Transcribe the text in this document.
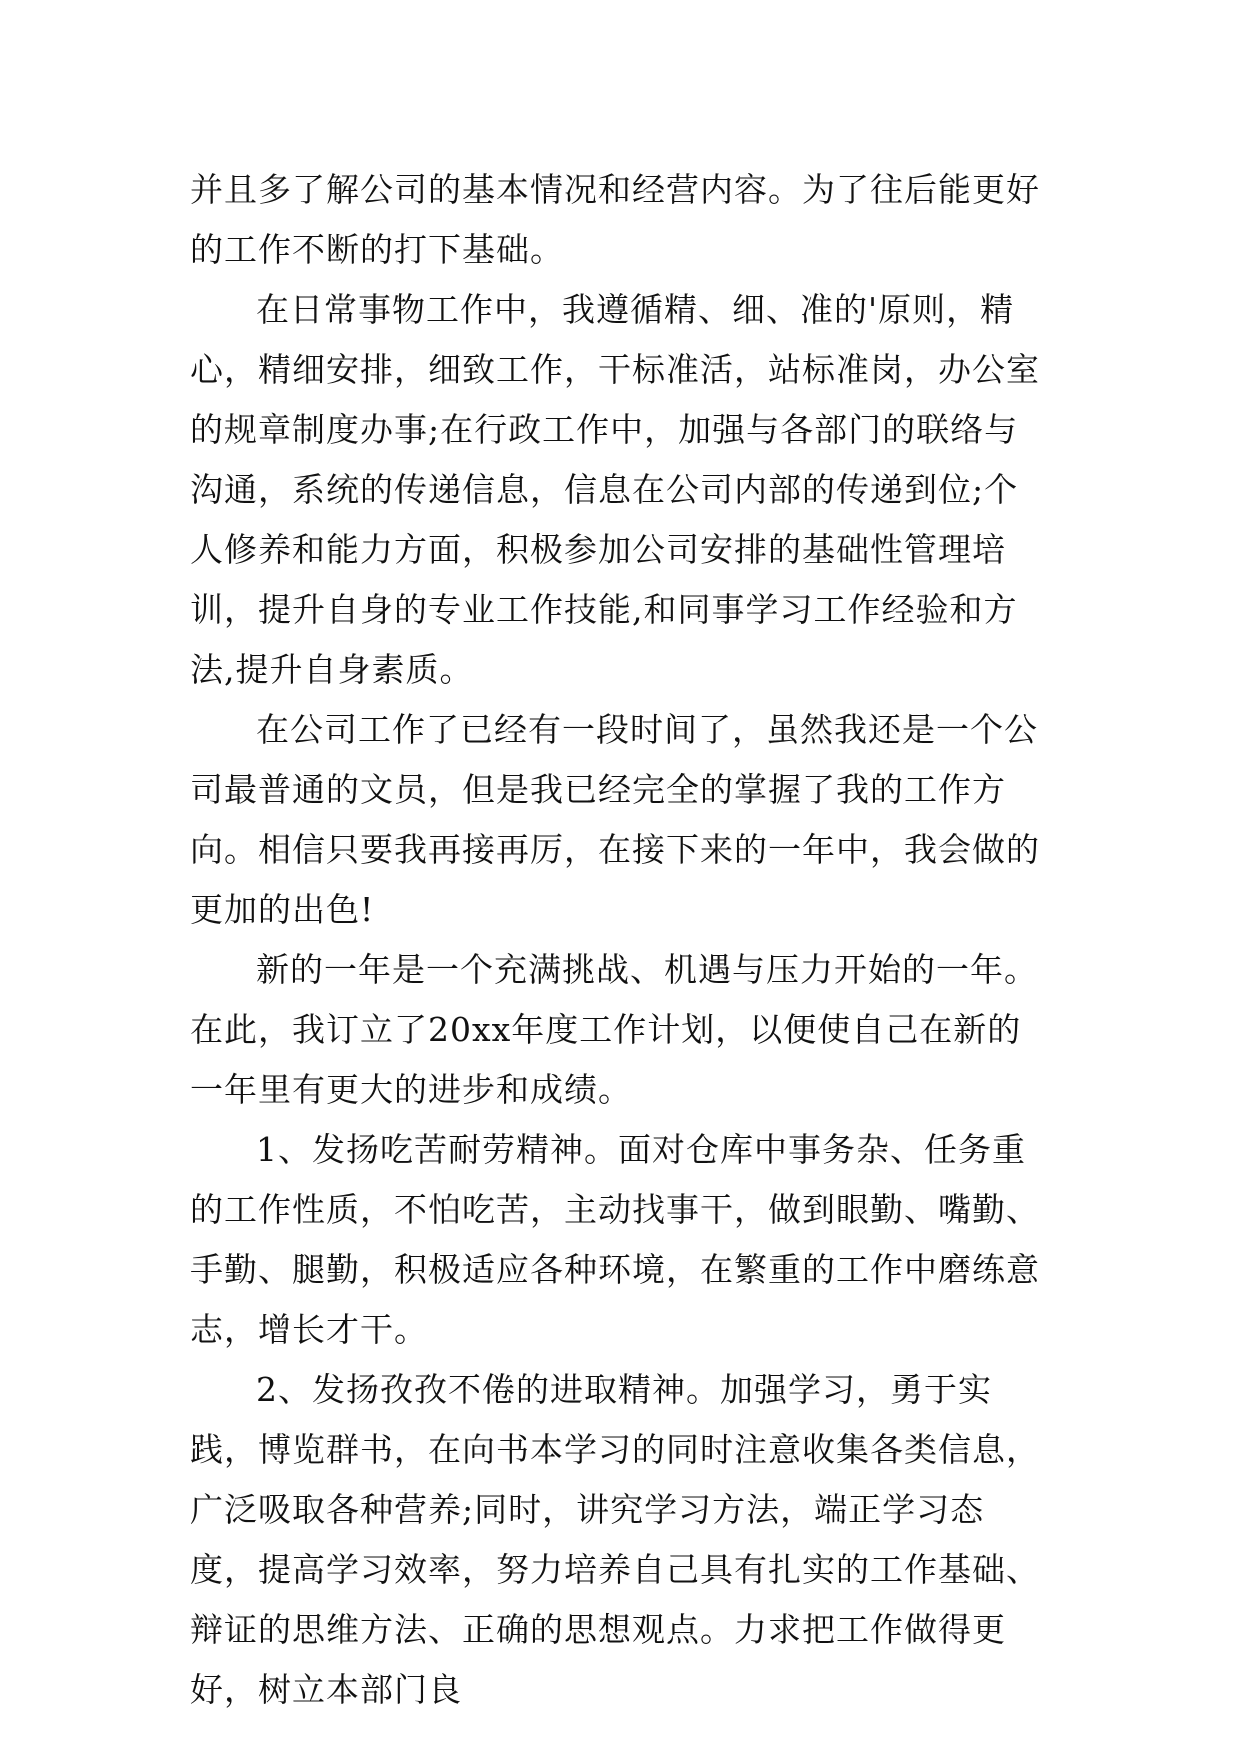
并且多了解公司的基本情况和经营内容。为了往后能更好的工作不断的打下基础。

在日常事物工作中，我遵循精、细、准的'原则，精心，精细安排，细致工作，干标准活，站标准岗，办公室的规章制度办事;在行政工作中，加强与各部门的联络与沟通，系统的传递信息，信息在公司内部的传递到位;个人修养和能力方面，积极参加公司安排的基础性管理培训，提升自身的专业工作技能,和同事学习工作经验和方法,提升自身素质。

在公司工作了已经有一段时间了，虽然我还是一个公司最普通的文员，但是我已经完全的掌握了我的工作方向。相信只要我再接再厉，在接下来的一年中，我会做的更加的出色!

新的一年是一个充满挑战、机遇与压力开始的一年。在此，我订立了20xx年度工作计划，以便使自己在新的一年里有更大的进步和成绩。

1、发扬吃苦耐劳精神。面对仓库中事务杂、任务重的工作性质，不怕吃苦，主动找事干，做到眼勤、嘴勤、手勤、腿勤，积极适应各种环境，在繁重的工作中磨练意志，增长才干。

2、发扬孜孜不倦的进取精神。加强学习，勇于实践，博览群书，在向书本学习的同时注意收集各类信息，广泛吸取各种营养;同时，讲究学习方法，端正学习态度，提高学习效率，努力培养自己具有扎实的工作基础、辩证的思维方法、正确的思想观点。力求把工作做得更好，树立本部门良
